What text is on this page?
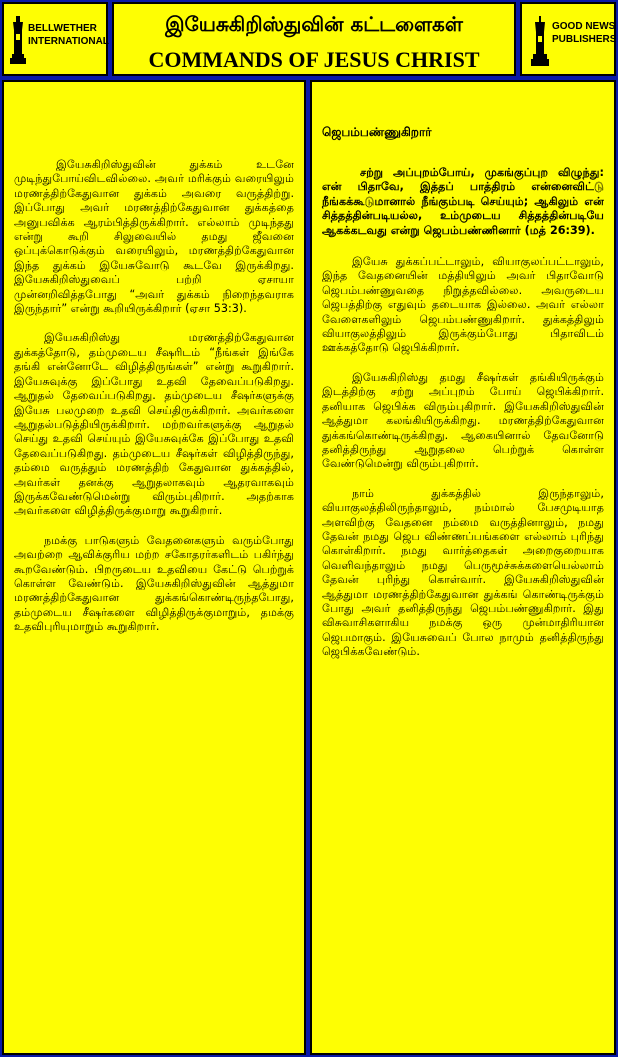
BELLWETHER
INTERNATIONAL
இயேசுகிறிஸ்துவின் கட்டளைகள்
COMMANDS OF JESUS CHRIST
GOOD NEWS
PUBLISHERS

இயேசுகிறிஸ்துவின் துக்கம் உடனே முடிந்துபோய்விடவில்லை. அவர் மரிக்கும் வரையிலும் மரணத்திற்கேதுவான துக்கம் அவரை வருத்திற்று. இப்போது அவர் மரணத்திற்கேதுவான துக்கத்தை அனுபவிக்க ஆரம்பித்திருக்கிறார். எல்லாம் முடிந்தது என்று கூறி சிலுவையில் தமது ஜீவனை ஒப்புக்கொடுக்கும் வரையிலும், மரணத்திற்கேதுவான இந்த துக்கம் இயேசுவோடு கூடவே இருக்கிறது. இயேசுகிறிஸ்துவைப் பற்றி ஏசாயா முன்னறிவித்தபோது “அவர் துக்கம் நிறைந்தவராக இருந்தார்” என்று கூறியிருக்கிறார் (ஏசா 53:3).

இயேசுகிறிஸ்து மரணத்திற்கேதுவான துக்கத்தோடு, தம்முடைய சீஷரிடம் “நீங்கள் இங்கே தங்கி என்னோடே விழித்திருங்கள்” என்று கூறுகிறார். இயேசுவுக்கு இப்போது உதவி தேவைப்படுகிறது. ஆறுதல் தேவைப்படுகிறது. தம்முடைய சீஷர்களுக்கு இயேசு பலமுறை உதவி செய்திருக்கிறார். அவர்களை ஆறுதல்படுத்தியிருக்கிறார். மற்றவர்களுக்கு ஆறுதல் செய்து உதவி செய்யும் இயேசுவுக்கே இப்போது உதவி தேவைப்படுகிறது. தம்முடைய சீஷர்கள் விழித்திருந்து, தம்மை வருத்தும் மரணத்திற் கேதுவான துக்கத்தில், அவர்கள் தனக்கு ஆறுதலாகவும் ஆதரவாகவும் இருக்கவேண்டுமென்று விரும்புகிறார். அதற்காக அவர்களை விழித்திருக்குமாறு கூறுகிறார்.

நமக்கு பாடுகளும் வேதனைகளும் வரும்போது அவற்றை ஆவிக்குரிய மற்ற சகோதரர்களிடம் பகிர்ந்து கூறவேண்டும். பிறருடைய உதவியை கேட்டு பெற்றுக் கொள்ள வேண்டும். இயேசுகிறிஸ்துவின் ஆத்துமா மரணத்திற்கேதுவான துக்கங்கொண்டிருந்தபோது, தம்முடைய சீஷர்களை விழித்திருக்குமாறும், தமக்கு உதவிபுரியுமாறும் கூறுகிறார்.

ஜெபம்பண்ணுகிறார்

சற்று அப்புறம்போய், முகங்குப்புற விழுந்து: என் பிதாவே, இத்தப் பாத்திரம் என்னைவிட்டு நீங்கக்கூடுமானால் நீங்கும்படி செய்யும்; ஆகிலும் என் சித்தத்தின்படியல்ல, உம்முடைய சித்தத்தின்படியே ஆகக்கடவது என்று ஜெபம்பண்ணினார் (மத் 26:39).

இயேசு துக்கப்பட்டாலும், வியாகுலப்பட்டாலும், இந்த வேதனையின் மத்தியிலும் அவர் பிதாவோடு ஜெபம்பண்ணுவதை நிறுத்தவில்லை. அவருடைய ஜெபத்திற்கு எதுவும் தடையாக இல்லை. அவர் எல்லா வேளைகளிலும் ஜெபம்பண்ணுகிறார். துக்கத்திலும் வியாகுலத்திலும் இருக்கும்போது பிதாவிடம் ஊக்கத்தோடு ஜெபிக்கிறார்.

இயேசுகிறிஸ்து தமது சீஷர்கள் தங்கியிருக்கும் இடத்திற்கு சற்று அப்புறம் போய் ஜெபிக்கிறார். தனியாக ஜெபிக்க விரும்புகிறார். இயேசுகிறிஸ்துவின் ஆத்துமா கலங்கியிருக்கிறது. மரணத்திற்கேதுவான துக்கங்கொண்டிருக்கிறது. ஆகையினால் தேவனோடு தனித்திருந்து ஆறுதலை பெற்றுக் கொள்ள வேண்டுமென்று விரும்புகிறார்.

நாம் துக்கத்தில் இருந்தாலும், வியாகுலத்திலிருந்தாலும், நம்மால் பேசமுடியாத அளவிற்கு வேதனை நம்மை வருத்தினாலும், நமது தேவன் நமது ஜெப விண்ணப்பங்களை எல்லாம் புரிந்து கொள்கிறார். நமது வார்த்தைகள் அறைகுறையாக வெளிவந்தாலும் நமது பெருமூச்சுக்களையெல்லாம் தேவன் புரிந்து கொள்வார். இயேசுகிறிஸ்துவின் ஆத்துமா மரணத்திற்கேதுவான துக்கங் கொண்டிருக்கும் போது அவர் தனித்திருந்து ஜெபம்பண்ணுகிறார். இது விசுவாசிகளாகிய நமக்கு ஒரு முன்மாதிரியான ஜெபமாகும். இயேசுவைப் போல நாமும் தனித்திருந்து ஜெபிக்கவேண்டும்.
